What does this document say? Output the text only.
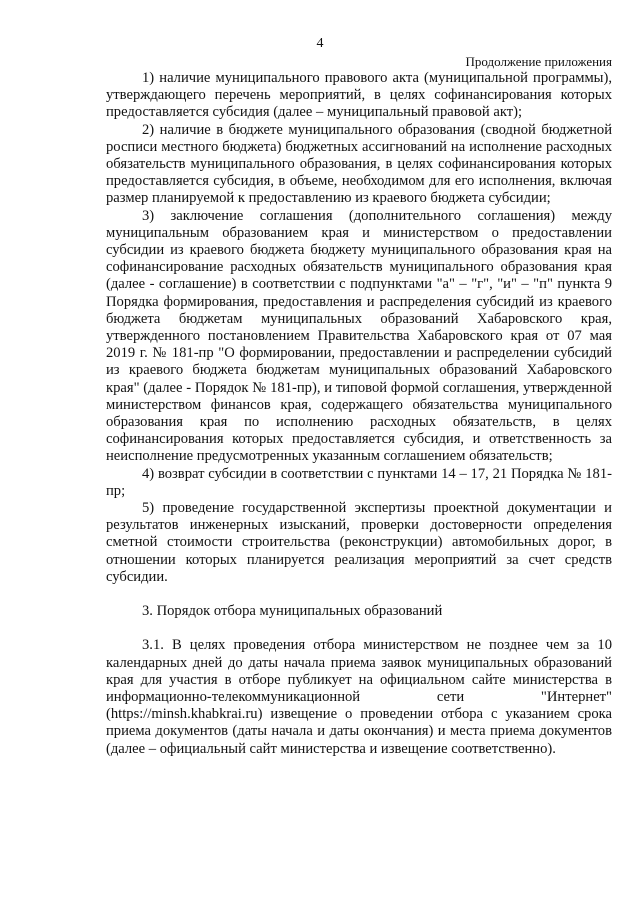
4
Продолжение приложения

1) наличие муниципального правового акта (муниципальной программы), утверждающего перечень мероприятий, в целях софинансирования которых предоставляется субсидия (далее – муниципальный правовой акт);

2) наличие в бюджете муниципального образования (сводной бюджетной росписи местного бюджета) бюджетных ассигнований на исполнение расходных обязательств муниципального образования, в целях софинансирования которых предоставляется субсидия, в объеме, необходимом для его исполнения, включая размер планируемой к предоставлению из краевого бюджета субсидии;

3) заключение соглашения (дополнительного соглашения) между муниципальным образованием края и министерством о предоставлении субсидии из краевого бюджета бюджету муниципального образования края на софинансирование расходных обязательств муниципального образования края (далее - соглашение) в соответствии с подпунктами "а" – "г", "и" – "п" пункта 9 Порядка формирования, предоставления и распределения субсидий из краевого бюджета бюджетам муниципальных образований Хабаровского края, утвержденного постановлением Правительства Хабаровского края от 07 мая 2019 г. № 181-пр "О формировании, предоставлении и распределении субсидий из краевого бюджета бюджетам муниципальных образований Хабаровского края" (далее - Порядок № 181-пр), и типовой формой соглашения, утвержденной министерством финансов края, содержащего обязательства муниципального образования края по исполнению расходных обязательств, в целях софинансирования которых предоставляется субсидия, и ответственность за неисполнение предусмотренных указанным соглашением обязательств;

4) возврат субсидии в соответствии с пунктами 14 – 17, 21 Порядка № 181-пр;

5) проведение государственной экспертизы проектной документации и результатов инженерных изысканий, проверки достоверности определения сметной стоимости строительства (реконструкции) автомобильных дорог, в отношении которых планируется реализация мероприятий за счет средств субсидии.

3. Порядок отбора муниципальных образований

3.1. В целях проведения отбора министерством не позднее чем за 10 календарных дней до даты начала приема заявок муниципальных образований края для участия в отборе публикует на официальном сайте министерства в информационно-телекоммуникационной сети "Интернет" (https://minsh.khabkrai.ru) извещение о проведении отбора с указанием срока приема документов (даты начала и даты окончания) и места приема документов (далее – официальный сайт министерства и извещение соответственно).
